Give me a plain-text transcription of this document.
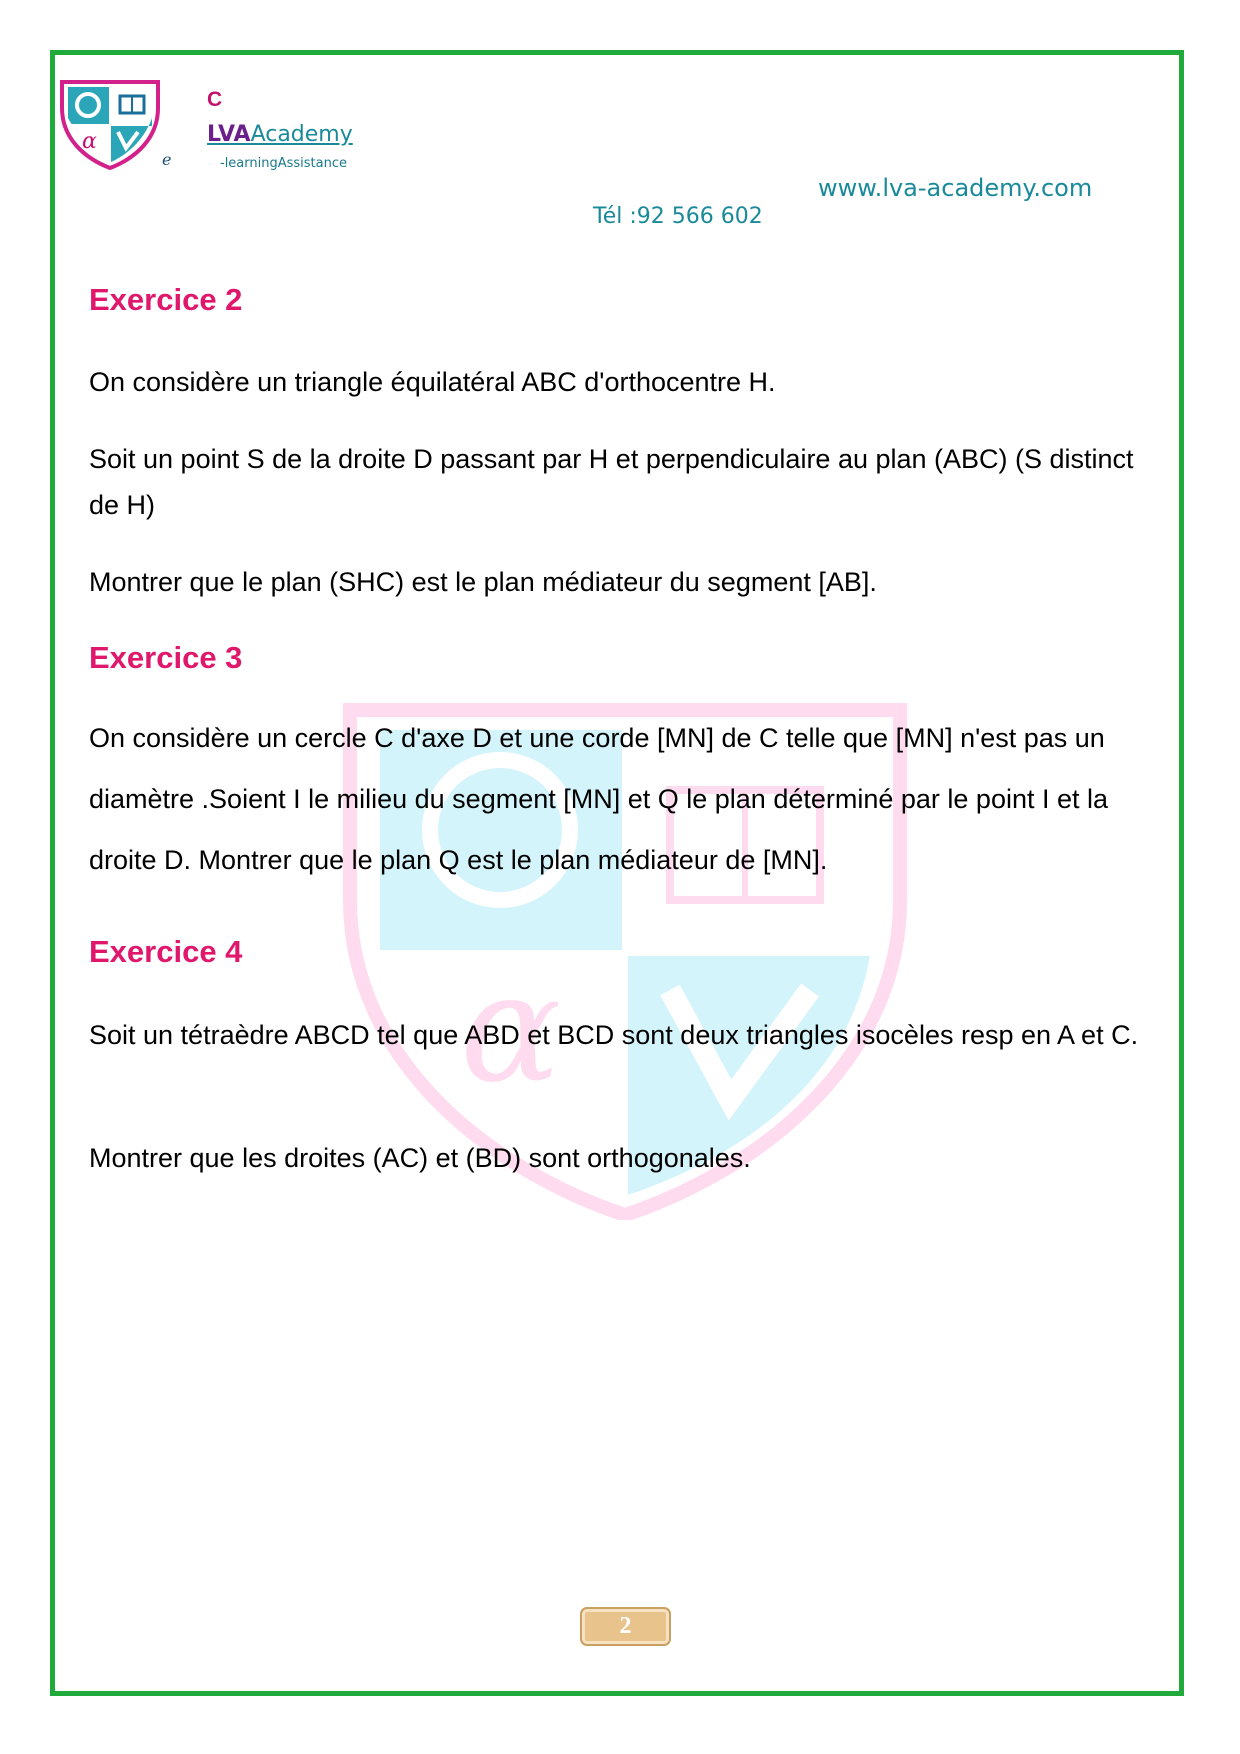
α
e
C
LVAAcademy
-learningAssistance
www.lva-academy.com
Tél :92 566 602
α
Exercice 2

On considère un triangle équilatéral ABC d'orthocentre H.

Soit un point S de la droite D passant par H et perpendiculaire au plan (ABC) (S distinct de H)

Montrer que le plan (SHC) est le plan médiateur du segment [AB].

Exercice 3

On considère un cercle C d'axe D et une corde [MN] de C telle que [MN] n'est pas un diamètre .Soient I le milieu du segment [MN] et Q le plan déterminé par le point I et la droite D. Montrer que le plan Q est le plan médiateur de [MN].

Exercice 4

Soit un tétraèdre ABCD tel que ABD et BCD sont deux triangles isocèles resp en A et C.

Montrer que les droites (AC) et (BD) sont orthogonales.

2
